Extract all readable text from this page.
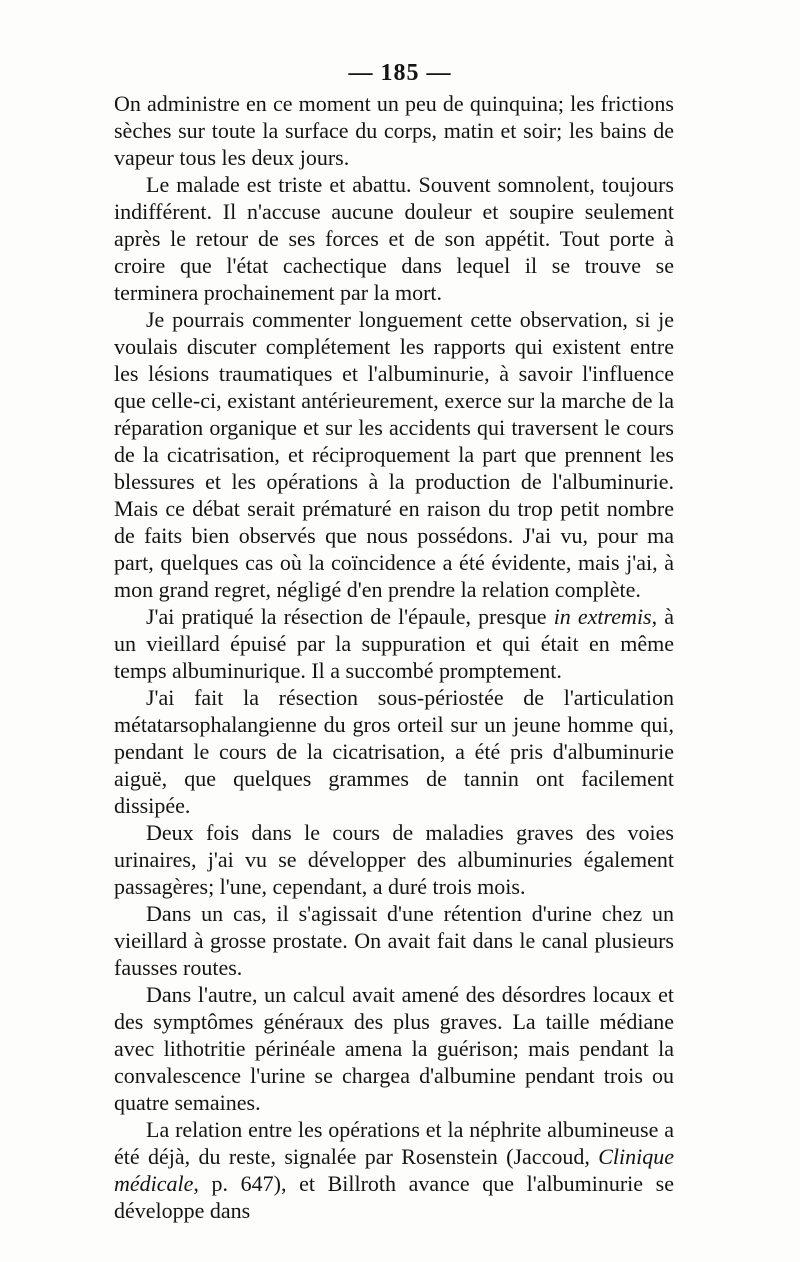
— 185 —

On administre en ce moment un peu de quinquina; les frictions sèches sur toute la surface du corps, matin et soir; les bains de vapeur tous les deux jours.

Le malade est triste et abattu. Souvent somnolent, toujours indifférent. Il n'accuse aucune douleur et soupire seulement après le retour de ses forces et de son appétit. Tout porte à croire que l'état cachectique dans lequel il se trouve se terminera prochainement par la mort.

Je pourrais commenter longuement cette observation, si je voulais discuter complétement les rapports qui existent entre les lésions traumatiques et l'albuminurie, à savoir l'influence que celle-ci, existant antérieurement, exerce sur la marche de la réparation organique et sur les accidents qui traversent le cours de la cicatrisation, et réciproquement la part que prennent les blessures et les opérations à la production de l'albuminurie. Mais ce débat serait prématuré en raison du trop petit nombre de faits bien observés que nous possédons. J'ai vu, pour ma part, quelques cas où la coïncidence a été évidente, mais j'ai, à mon grand regret, négligé d'en prendre la relation complète.

J'ai pratiqué la résection de l'épaule, presque in extremis, à un vieillard épuisé par la suppuration et qui était en même temps albuminurique. Il a succombé promptement.

J'ai fait la résection sous-périostée de l'articulation métatarsophalangienne du gros orteil sur un jeune homme qui, pendant le cours de la cicatrisation, a été pris d'albuminurie aiguë, que quelques grammes de tannin ont facilement dissipée.

Deux fois dans le cours de maladies graves des voies urinaires, j'ai vu se développer des albuminuries également passagères; l'une, cependant, a duré trois mois.

Dans un cas, il s'agissait d'une rétention d'urine chez un vieillard à grosse prostate. On avait fait dans le canal plusieurs fausses routes.

Dans l'autre, un calcul avait amené des désordres locaux et des symptômes généraux des plus graves. La taille médiane avec lithotritie périnéale amena la guérison; mais pendant la convalescence l'urine se chargea d'albumine pendant trois ou quatre semaines.

La relation entre les opérations et la néphrite albumineuse a été déjà, du reste, signalée par Rosenstein (Jaccoud, Clinique médicale, p. 647), et Billroth avance que l'albuminurie se développe dans
